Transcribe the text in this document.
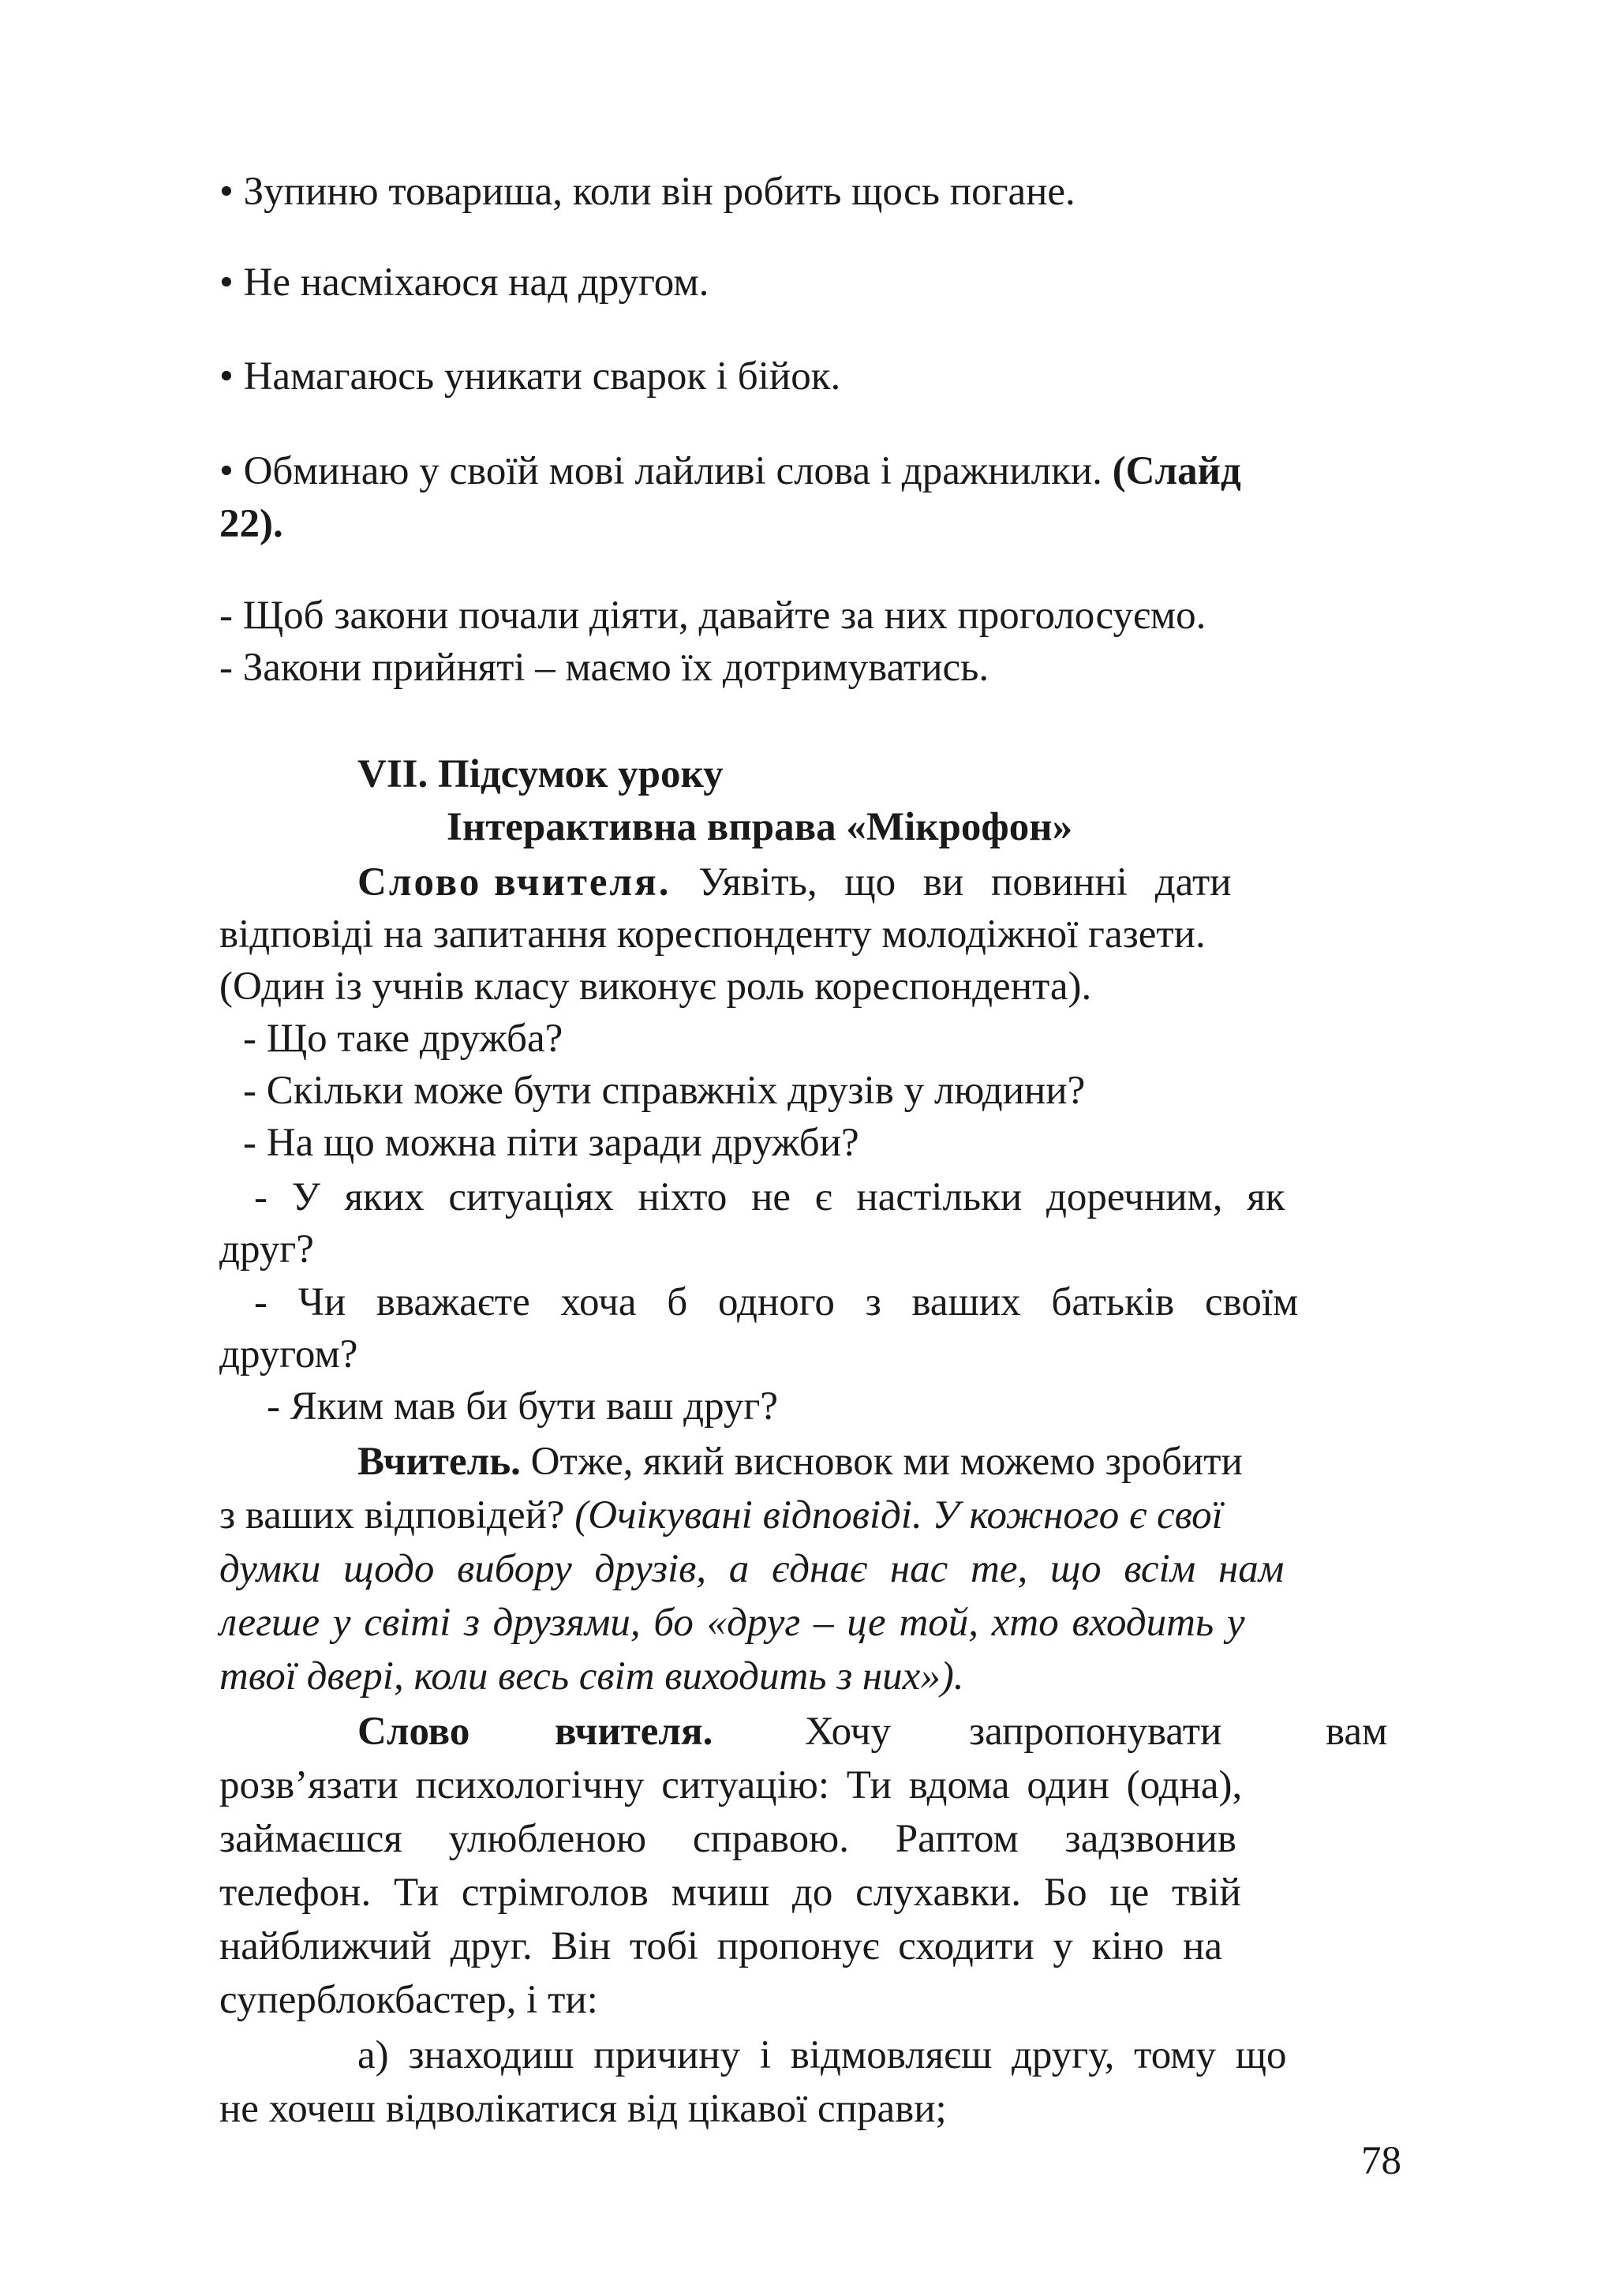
• Зупиню товариша, коли він робить щось погане.
• Не насміхаюся над другом.
• Намагаюсь уникати сварок і бійок.
• Обминаю у своїй мові лайливі слова і дражнилки. (Слайд
22).
- Щоб закони почали діяти, давайте за них проголосуємо.
- Закони прийняті – маємо їх дотримуватись.
VII. Підсумок уроку
Інтерактивна вправа «Мікрофон»
Слово вчителя. Уявіть, що ви повинні дати
відповіді на запитання кореспонденту молодіжної газети.
(Один із учнів класу виконує роль кореспондента).
- Що таке дружба?
- Скільки може бути справжніх друзів у людини?
- На що можна піти заради дружби?
- У яких ситуаціях ніхто не є настільки доречним, як
друг?
- Чи вважаєте хоча б одного з ваших батьків своїм
другом?
- Яким мав би бути ваш друг?
Вчитель. Отже, який висновок ми можемо зробити
з ваших відповідей? (Очікувані відповіді. У кожного є свої
думки щодо вибору друзів, а єднає нас те, що всім нам
легше у світі з друзями, бо «друг – це той, хто входить у
твої двері, коли весь світ виходить з них»).
Слово вчителя. Хочу запропонувати	вам
розв’язати психологічну ситуацію: Ти вдома один (одна),
займаєшся улюбленою справою. Раптом задзвонив
телефон. Ти стрімголов мчиш до слухавки. Бо це твій
найближчий друг. Він тобі пропонує сходити у кіно на
суперблокбастер, і ти:
а) знаходиш причину і відмовляєш другу, тому що
не хочеш відволікатися від цікавої справи;
78
